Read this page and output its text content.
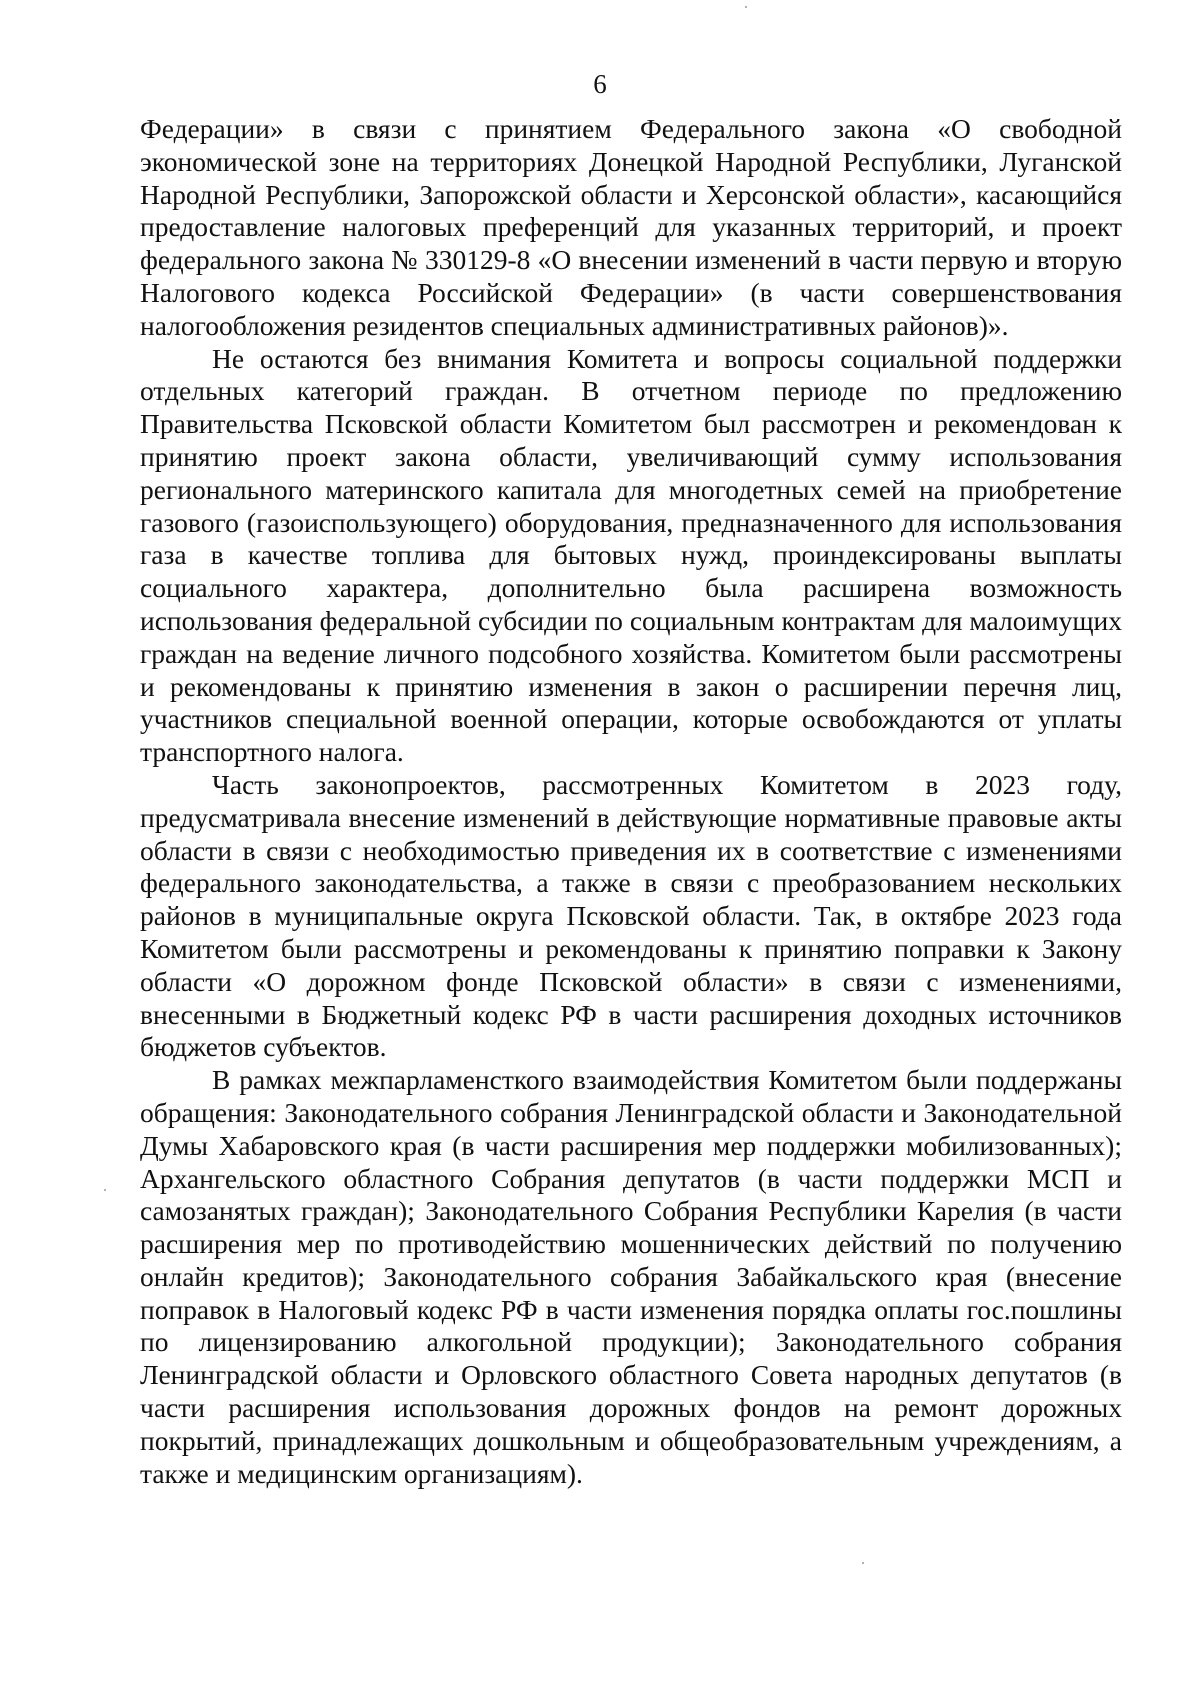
6

Федерации» в связи с принятием Федерального закона «О свободной экономической зоне на территориях Донецкой Народной Республики, Луганской Народной Республики, Запорожской области и Херсонской области», касающийся предоставление налоговых преференций для указанных территорий, и проект федерального закона № 330129-8 «О внесении изменений в части первую и вторую Налогового кодекса Российской Федерации» (в части совершенствования налогообложения резидентов специальных административных районов)».

Не остаются без внимания Комитета и вопросы социальной поддержки отдельных категорий граждан. В отчетном периоде по предложению Правительства Псковской области Комитетом был рассмотрен и рекомендован к принятию проект закона области, увеличивающий сумму использования регионального материнского капитала для многодетных семей на приобретение газового (газоиспользующего) оборудования, предназначенного для использования газа в качестве топлива для бытовых нужд, проиндексированы выплаты социального характера, дополнительно была расширена возможность использования федеральной субсидии по социальным контрактам для малоимущих граждан на ведение личного подсобного хозяйства. Комитетом были рассмотрены и рекомендованы к принятию изменения в закон о расширении перечня лиц, участников специальной военной операции, которые освобождаются от уплаты транспортного налога.

Часть законопроектов, рассмотренных Комитетом в 2023 году, предусматривала внесение изменений в действующие нормативные правовые акты области в связи с необходимостью приведения их в соответствие с изменениями федерального законодательства, а также в связи с преобразованием нескольких районов в муниципальные округа Псковской области. Так, в октябре 2023 года Комитетом были рассмотрены и рекомендованы к принятию поправки к Закону области «О дорожном фонде Псковской области» в связи с изменениями, внесенными в Бюджетный кодекс РФ в части расширения доходных источников бюджетов субъектов.

В рамках межпарламенсткого взаимодействия Комитетом были поддержаны обращения: Законодательного собрания Ленинградской области и Законодательной Думы Хабаровского края (в части расширения мер поддержки мобилизованных); Архангельского областного Собрания депутатов (в части поддержки МСП и самозанятых граждан); Законодательного Собрания Республики Карелия (в части расширения мер по противодействию мошеннических действий по получению онлайн кредитов); Законодательного собрания Забайкальского края (внесение поправок в Налоговый кодекс РФ в части изменения порядка оплаты гос.пошлины по лицензированию алкогольной продукции); Законодательного собрания Ленинградской области и Орловского областного Совета народных депутатов (в части расширения использования дорожных фондов на ремонт дорожных покрытий, принадлежащих дошкольным и общеобразовательным учреждениям, а также и медицинским организациям).
